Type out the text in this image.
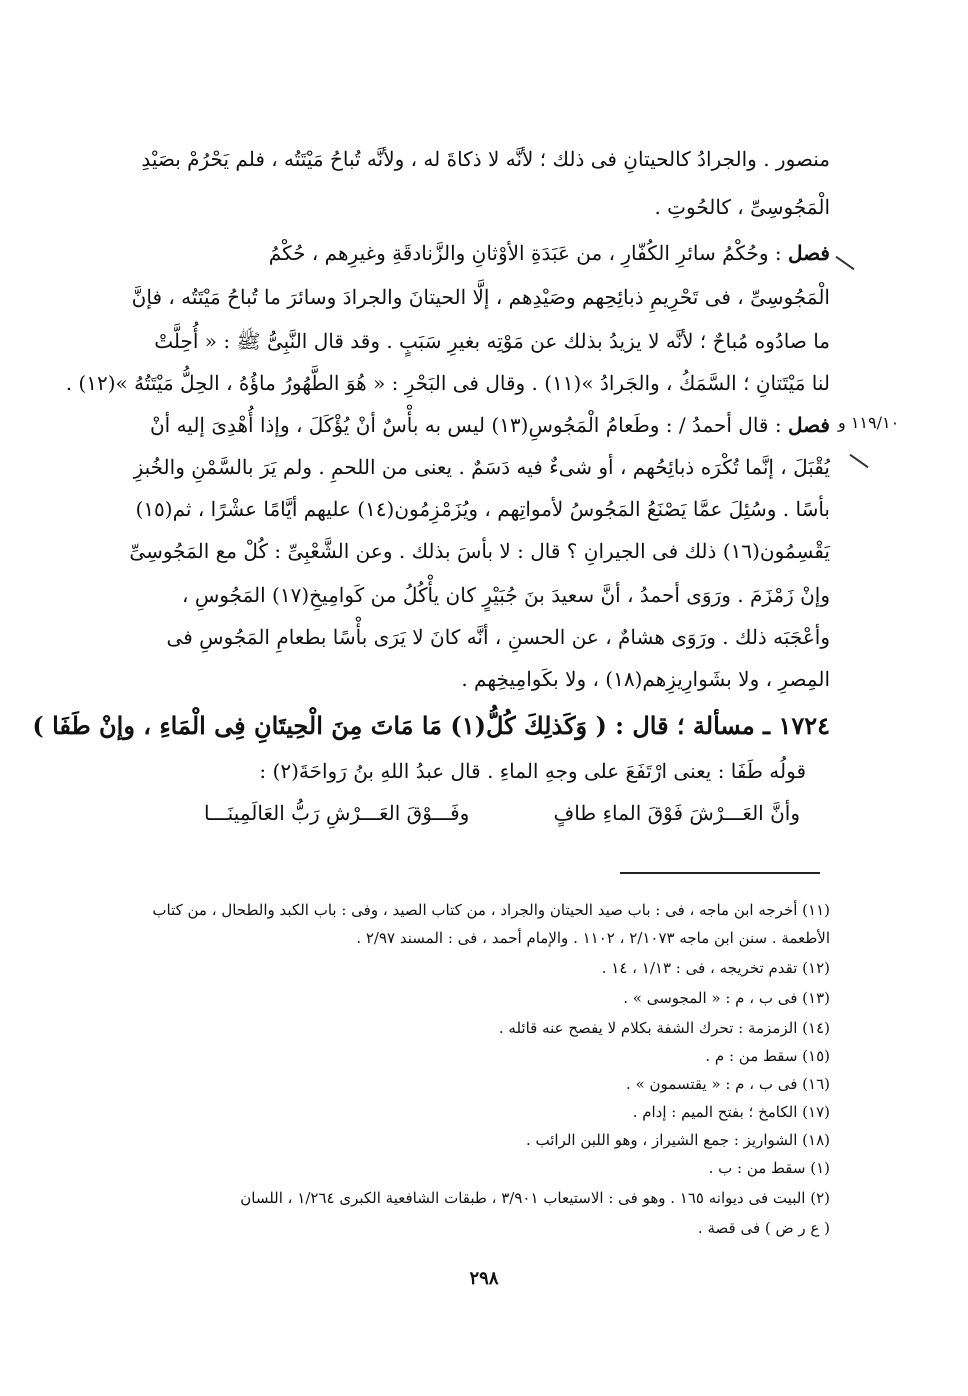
منصور . والجرادُ كالحيتانِ فى ذلك ؛ لأنَّه لا ذكاةَ له ، ولأنَّه تُباحُ مَيْتَتُه ، فلم يَحْرُمْ بصَيْدِ
الْمَجُوسِىِّ ، كالحُوتِ .
فصل : وحُكْمُ سائرِ الكُفّارِ ، من عَبَدَةِ الأوْثانِ والزَّنادقَةِ وغيرِهم ، حُكْمُ
الْمَجُوسِىِّ ، فى تَحْرِيمِ ذبائِحِهم وصَيْدِهم ، إلَّا الحيتانَ والجرادَ وسائرَ ما تُباحُ مَيْتَتُه ، فإنَّ
ما صادُوه مُباحٌ ؛ لأنَّه لا يزيدُ بذلك عن مَوْتِه بغيرِ سَبَبٍ . وقد قال النَّبِىُّ ﷺ : « أُحِلَّتْ
لنا مَيْتَتانِ ؛ السَّمَكُ ، والجَرادُ »(١١) . وقال فى البَحْرِ : « هُوَ الطَّهُورُ ماؤُهُ ، الحِلُّ مَيْتَتُهُ »(١٢) .
فصل : قال أحمدُ / : وطَعامُ الْمَجُوسِ(١٣) ليس به بأْسٌ أنْ يُؤْكَلَ ، وإذا أُهْدِىَ إليه أنْ
يُقْبَلَ ، إنَّما تُكْرَه ذبائِحُهم ، أو شىءٌ فيه دَسَمٌ . يعنى من اللحمِ . ولم يَرَ بالسَّمْنِ والخُبزِ
بأسًا . وسُئِلَ عمَّا يَصْنَعُ المَجُوسُ لأمواتِهم ، ويُزَمْزِمُون(١٤) عليهم أيَّامًا عشْرًا ، ثم(١٥)
يَقْسِمُون(١٦) ذلك فى الجيرانِ ؟ قال : لا بأسَ بذلك . وعن الشَّعْبِىِّ : كُلْ مع المَجُوسِىِّ
وإنْ زَمْزَمَ . ورَوَى أحمدُ ، أنَّ سعيدَ بنَ جُبَيْرٍ كان يأْكُلُ من كَوامِيخِ(١٧) المَجُوسِ ،
وأعْجَبَه ذلك . ورَوَى هشامٌ ، عن الحسنِ ، أنَّه كانَ لا يَرَى بأْسًا بطعامِ المَجُوسِ فى
المِصرِ ، ولا بشَوارِيزِهم(١٨) ، ولا بكَوامِيخِهم .
١١٩/١٠ و
١٧٢٤ ـ مسألة ؛ قال : ( وَكَذلِكَ كُلُّ(١) مَا مَاتَ مِنَ الْحِيتَانِ فِى الْمَاءِ ، وإنْ طَفَا )
قولُه طَفَا : يعنى ارْتَفَعَ على وجهِ الماءِ . قال عبدُ اللهِ بنُ رَواحَةَ(٢) :
وأنَّ العَـــرْشَ فَوْقَ الماءِ طافٍ
وفَـــوْقَ العَـــرْشِ رَبُّ العَالَمِينَـــا
(١١) أخرجه ابن ماجه ، فى : باب صيد الحيتان والجراد ، من كتاب الصيد ، وفى : باب الكبد والطحال ، من كتاب
الأطعمة . سنن ابن ماجه ٢/١٠٧٣ ، ١١٠٢ . والإمام أحمد ، فى : المسند ٢/٩٧ .
(١٢) تقدم تخريجه ، فى : ١/١٣ ، ١٤ .
(١٣) فى ب ، م : « المجوسى » .
(١٤) الزمزمة : تحرك الشفة بكلام لا يفصح عنه قائله .
(١٥) سقط من : م .
(١٦) فى ب ، م : « يقتسمون » .
(١٧) الكامخ ؛ بفتح الميم : إدام .
(١٨) الشواريز : جمع الشيراز ، وهو اللبن الرائب .
(١) سقط من : ب .
(٢) البيت فى ديوانه ١٦٥ . وهو فى : الاستيعاب ٣/٩٠١ ، طبقات الشافعية الكبرى ١/٢٦٤ ، اللسان
( ع ر ض ) فى قصة .
٢٩٨
